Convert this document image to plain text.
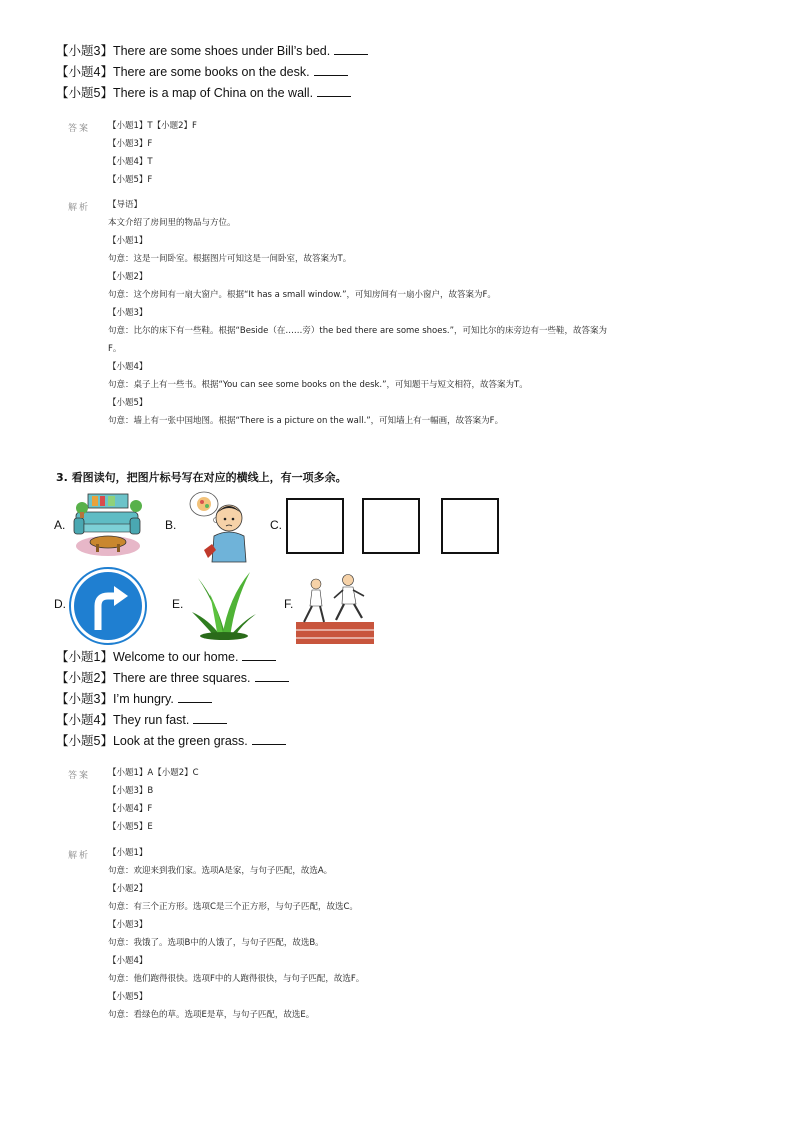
【小题3】There are some shoes under Bill’s bed.
【小题4】There are some books on the desk.
【小题5】There is a map of China on the wall.
答案 【小题1】T【小题2】F
【小题3】F
【小题4】T
【小题5】F
解析 【导语】
本文介绍了房间里的物品与方位。
【小题1】
句意：这是一间卧室。根据图片可知这是一间卧室，故答案为T。
【小题2】
句意：这个房间有一扇大窗户。根据“It has a small window.”，可知房间有一扇小窗户，故答案为F。
【小题3】
句意：比尔的床下有一些鞋。根据“Beside（在……旁）the bed there are some shoes.”，可知比尔的床旁边有一些鞋，故答案为
F。
【小题4】
句意：桌子上有一些书。根据“You can see some books on the desk.”，可知题干与短文相符，故答案为T。
【小题5】
句意：墙上有一张中国地图。根据“There is a picture on the wall.”，可知墙上有一幅画，故答案为F。
3. 看图读句，把图片标号写在对应的横线上，有一项多余。
A.	B.	C.
D.	E.	F.
【小题1】Welcome to our home.
【小题2】There are three squares.
【小题3】I’m hungry.
【小题4】They run fast.
【小题5】Look at the green grass.
答案 【小题1】A【小题2】C
【小题3】B
【小题4】F
【小题5】E
解析 【小题1】
句意：欢迎来到我们家。选项A是家，与句子匹配，故选A。
【小题2】
句意：有三个正方形。选项C是三个正方形，与句子匹配，故选C。
【小题3】
句意：我饿了。选项B中的人饿了，与句子匹配，故选B。
【小题4】
句意：他们跑得很快。选项F中的人跑得很快，与句子匹配，故选F。
【小题5】
句意：看绿色的草。选项E是草，与句子匹配，故选E。
